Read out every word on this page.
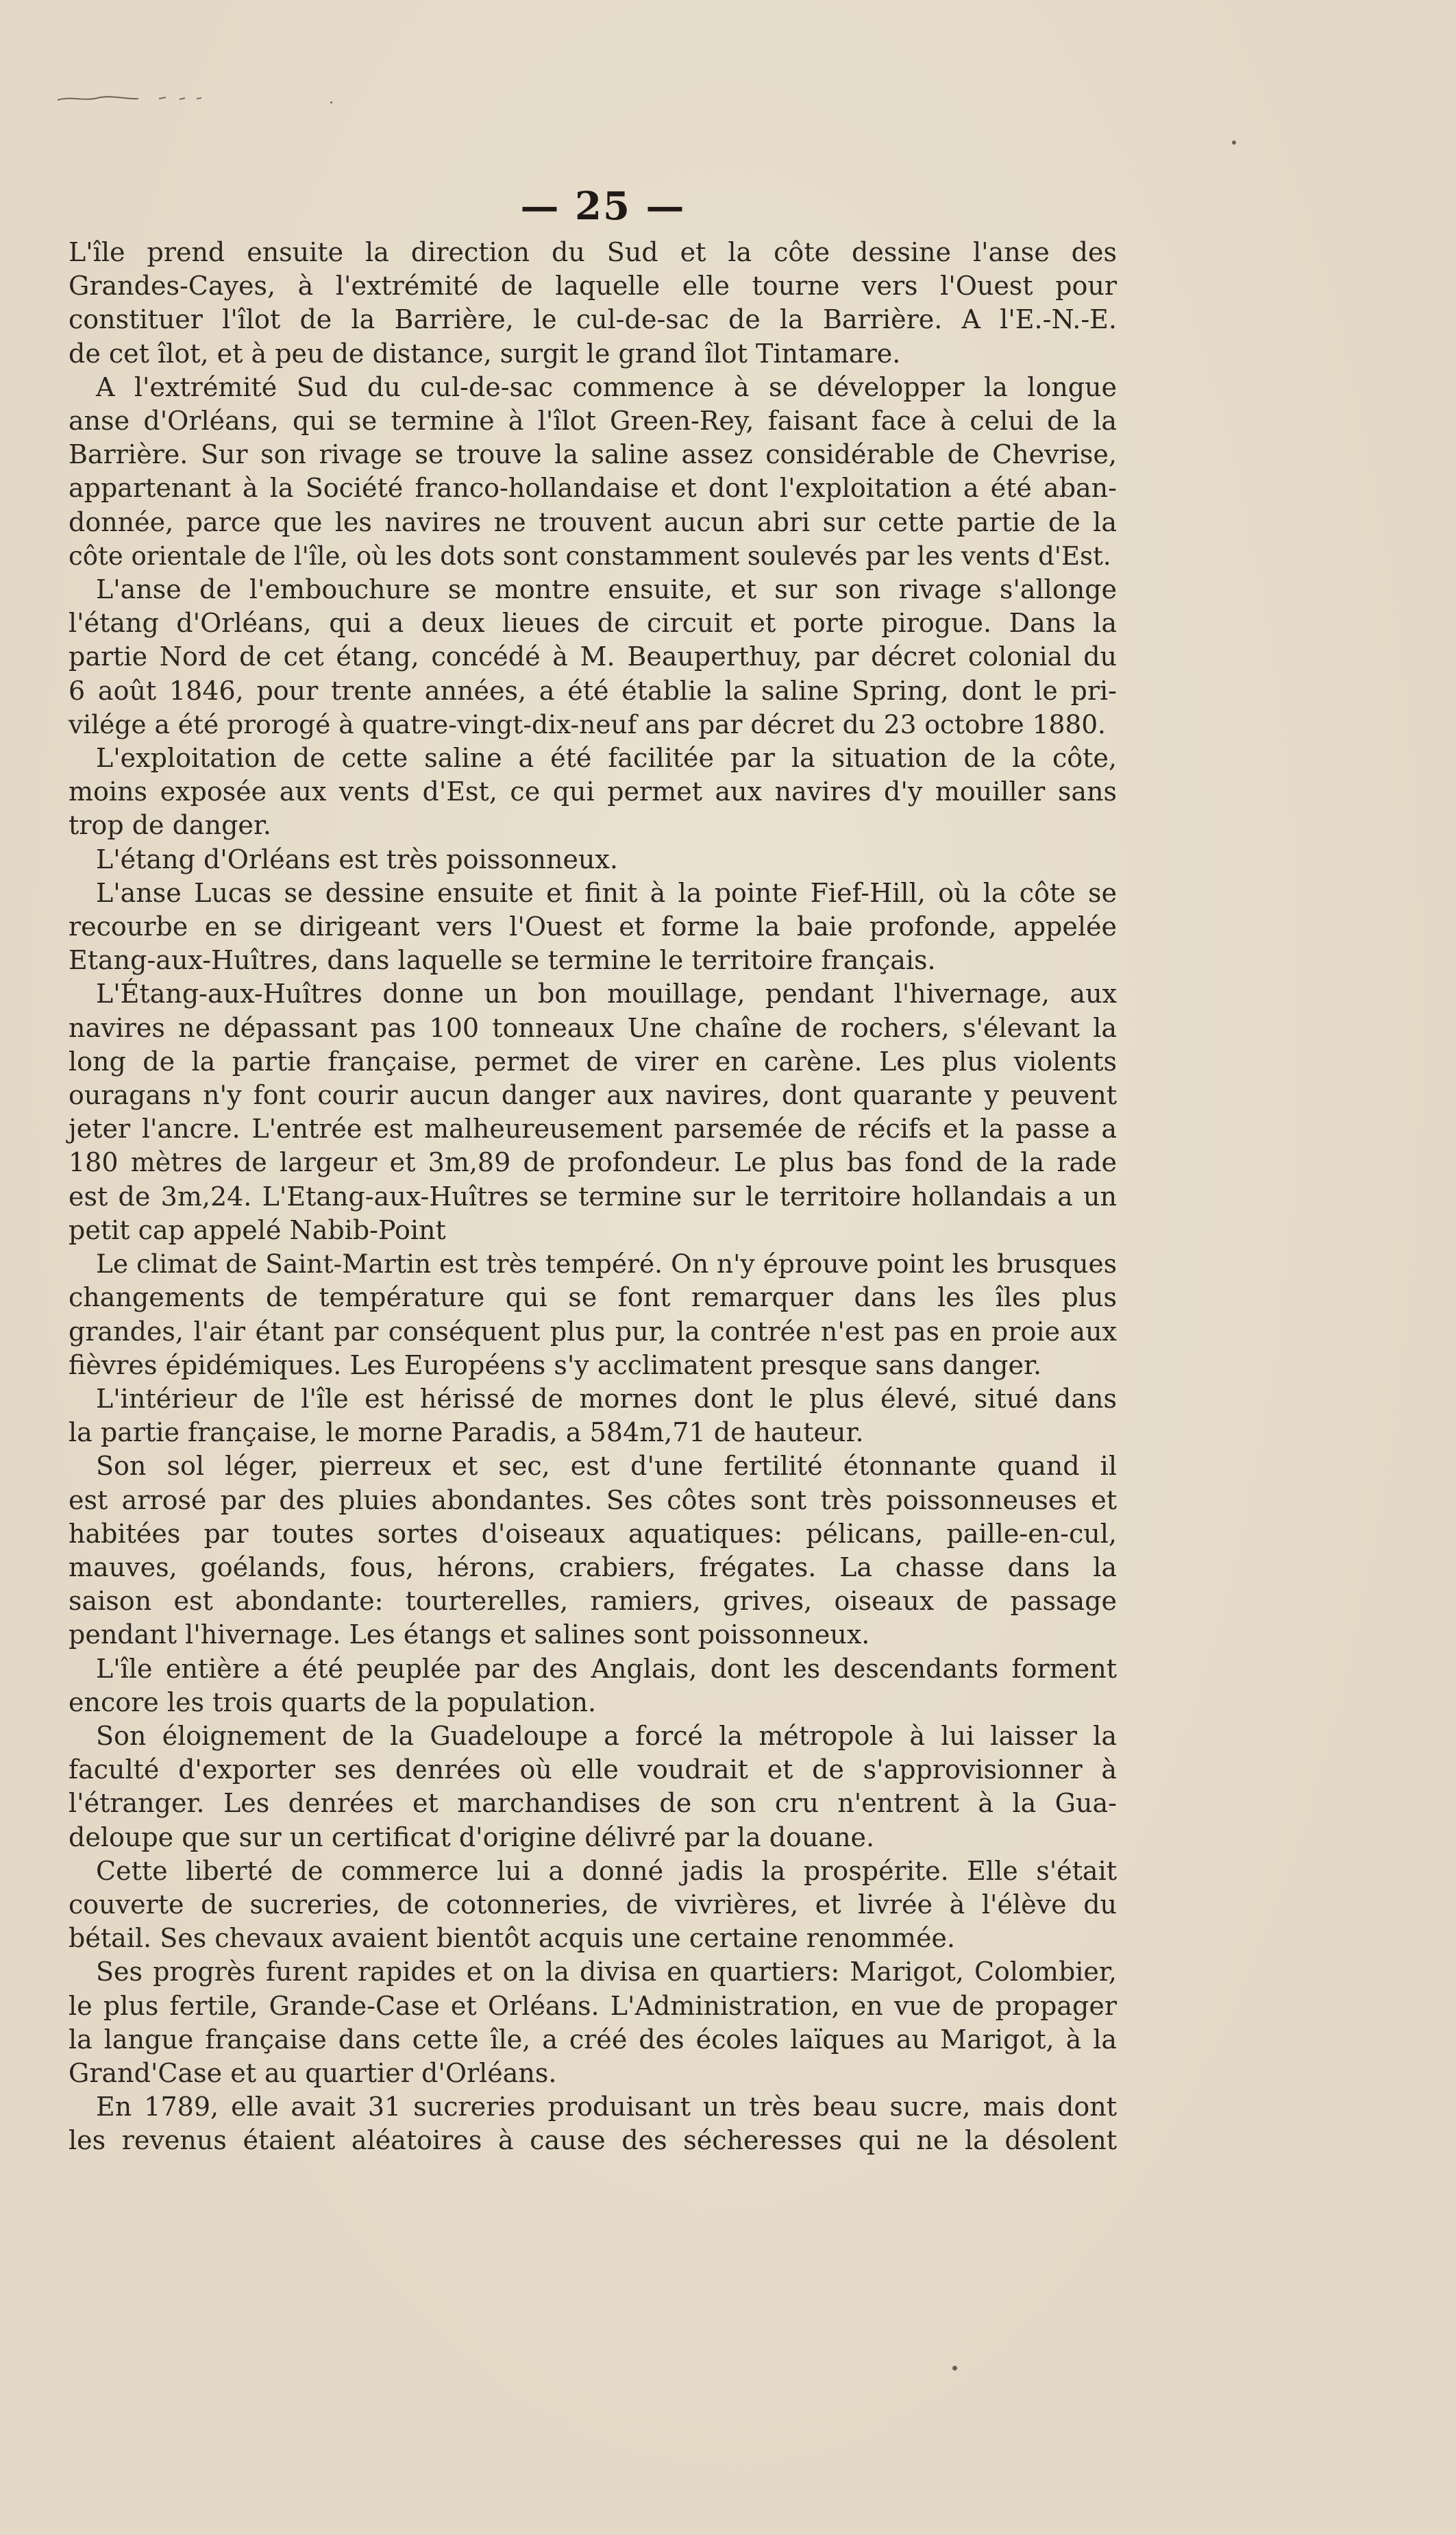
— 25 —
L'île prend ensuite la direction du Sud et la côte dessine l'anse des
Grandes-Cayes, à l'extrémité de laquelle elle tourne vers l'Ouest pour
constituer l'îlot de la Barrière, le cul-de-sac de la Barrière. A l'E.-N.-E.
de cet îlot, et à peu de distance, surgit le grand îlot Tintamare.
A l'extrémité Sud du cul-de-sac commence à se développer la longue
anse d'Orléans, qui se termine à l'îlot Green-Rey, faisant face à celui de la
Barrière. Sur son rivage se trouve la saline assez considérable de Chevrise,
appartenant à la Société franco-hollandaise et dont l'exploitation a été aban-
donnée, parce que les navires ne trouvent aucun abri sur cette partie de la
côte orientale de l'île, où les dots sont constamment soulevés par les vents d'Est.
L'anse de l'embouchure se montre ensuite, et sur son rivage s'allonge
l'étang d'Orléans, qui a deux lieues de circuit et porte pirogue. Dans la
partie Nord de cet étang, concédé à M. Beauperthuy, par décret colonial du
6 août 1846, pour trente années, a été établie la saline Spring, dont le pri-
vilége a été prorogé à quatre-vingt-dix-neuf ans par décret du 23 octobre 1880.
L'exploitation de cette saline a été facilitée par la situation de la côte,
moins exposée aux vents d'Est, ce qui permet aux navires d'y mouiller sans
trop de danger.
L'étang d'Orléans est très poissonneux.
L'anse Lucas se dessine ensuite et finit à la pointe Fief-Hill, où la côte se
recourbe en se dirigeant vers l'Ouest et forme la baie profonde, appelée
Etang-aux-Huîtres, dans laquelle se termine le territoire français.
L'Étang-aux-Huîtres donne un bon mouillage, pendant l'hivernage, aux
navires ne dépassant pas 100 tonneaux Une chaîne de rochers, s'élevant la
long de la partie française, permet de virer en carène. Les plus violents
ouragans n'y font courir aucun danger aux navires, dont quarante y peuvent
jeter l'ancre. L'entrée est malheureusement parsemée de récifs et la passe a
180 mètres de largeur et 3m,89 de profondeur. Le plus bas fond de la rade
est de 3m,24. L'Etang-aux-Huîtres se termine sur le territoire hollandais a un
petit cap appelé Nabib-Point
Le climat de Saint-Martin est très tempéré. On n'y éprouve point les brusques
changements de température qui se font remarquer dans les îles plus
grandes, l'air étant par conséquent plus pur, la contrée n'est pas en proie aux
fièvres épidémiques. Les Européens s'y acclimatent presque sans danger.
L'intérieur de l'île est hérissé de mornes dont le plus élevé, situé dans
la partie française, le morne Paradis, a 584m,71 de hauteur.
Son sol léger, pierreux et sec, est d'une fertilité étonnante quand il
est arrosé par des pluies abondantes. Ses côtes sont très poissonneuses et
habitées par toutes sortes d'oiseaux aquatiques: pélicans, paille-en-cul,
mauves, goélands, fous, hérons, crabiers, frégates. La chasse dans la
saison est abondante: tourterelles, ramiers, grives, oiseaux de passage
pendant l'hivernage. Les étangs et salines sont poissonneux.
L'île entière a été peuplée par des Anglais, dont les descendants forment
encore les trois quarts de la population.
Son éloignement de la Guadeloupe a forcé la métropole à lui laisser la
faculté d'exporter ses denrées où elle voudrait et de s'approvisionner à
l'étranger. Les denrées et marchandises de son cru n'entrent à la Gua-
deloupe que sur un certificat d'origine délivré par la douane.
Cette liberté de commerce lui a donné jadis la prospérite. Elle s'était
couverte de sucreries, de cotonneries, de vivrières, et livrée à l'élève du
bétail. Ses chevaux avaient bientôt acquis une certaine renommée.
Ses progrès furent rapides et on la divisa en quartiers: Marigot, Colombier,
le plus fertile, Grande-Case et Orléans. L'Administration, en vue de propager
la langue française dans cette île, a créé des écoles laïques au Marigot, à la
Grand'Case et au quartier d'Orléans.
En 1789, elle avait 31 sucreries produisant un très beau sucre, mais dont
les revenus étaient aléatoires à cause des sécheresses qui ne la désolent
